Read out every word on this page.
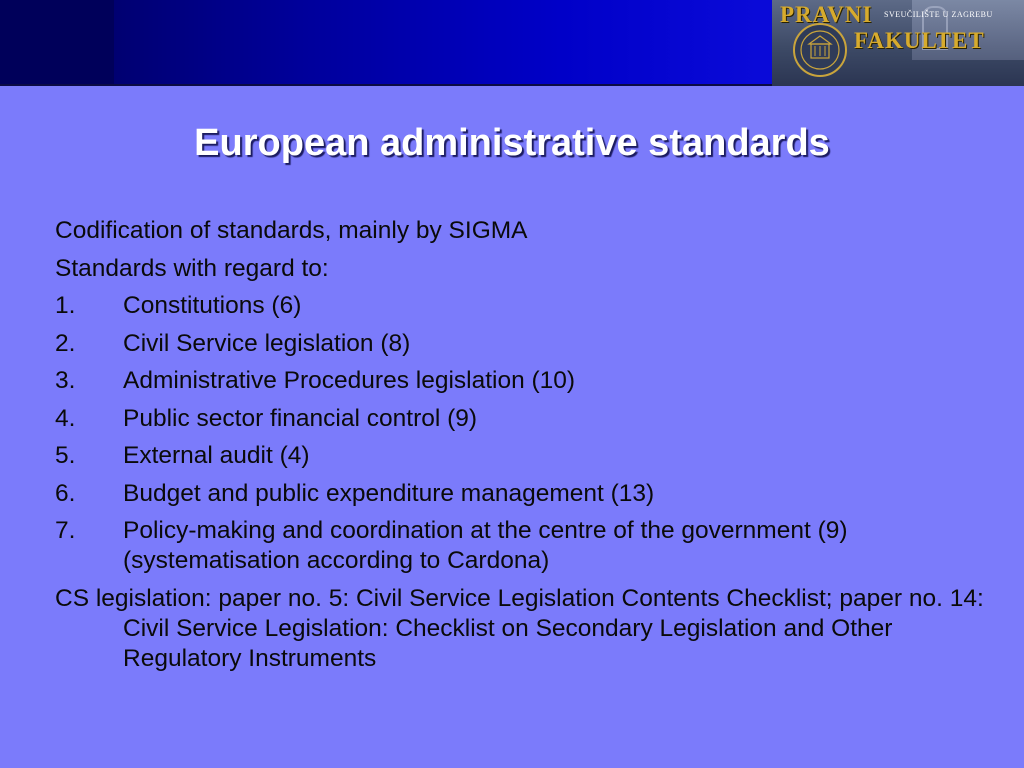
PRAVNI SVEUČILIŠTE U ZAGREBU
FAKULTET
European administrative standards
Codification of standards, mainly by SIGMA
Standards with regard to:
1. Constitutions (6)
2. Civil Service legislation (8)
3. Administrative Procedures legislation (10)
4. Public sector financial control (9)
5. External audit (4)
6. Budget and public expenditure management (13)
7. Policy-making and coordination at the centre of the government (9) (systematisation according to Cardona)
CS legislation: paper no. 5: Civil Service Legislation Contents Checklist; paper no. 14: Civil Service Legislation: Checklist on Secondary Legislation and Other Regulatory Instruments
